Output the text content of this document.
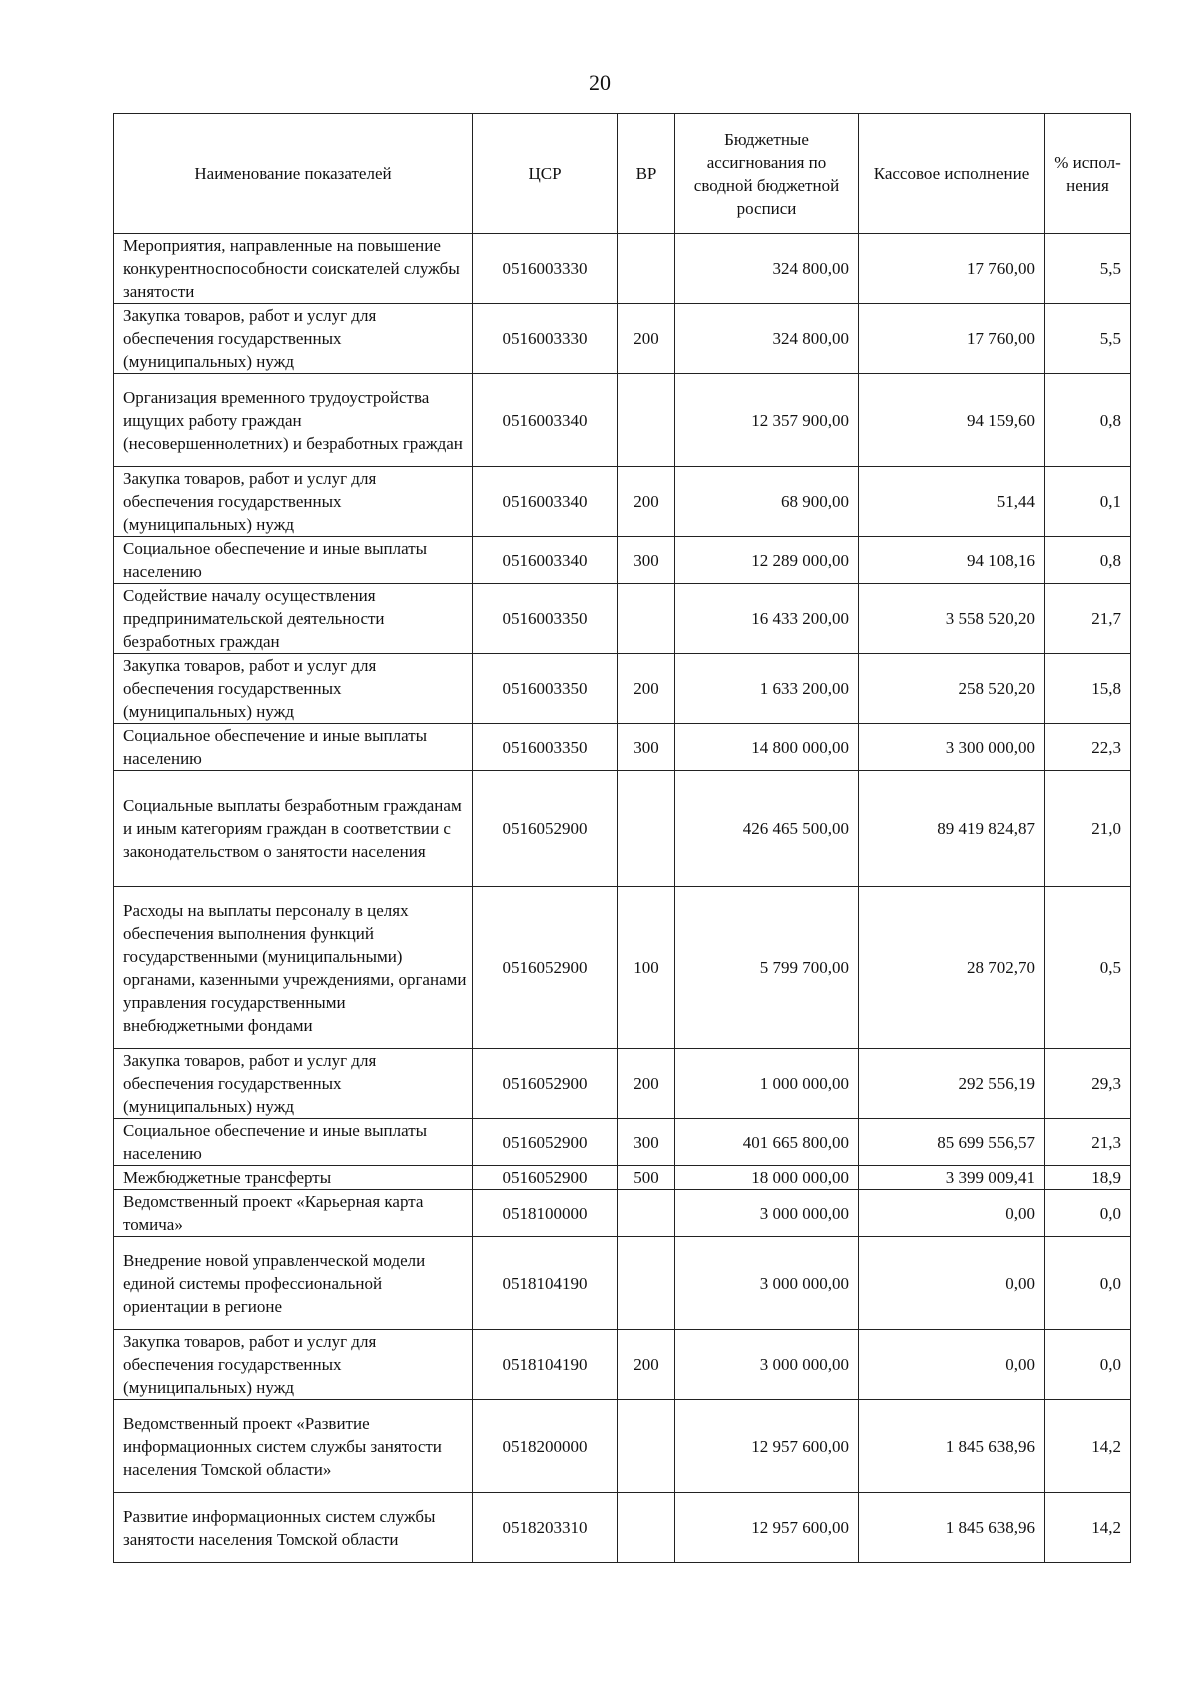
20
Наименование показателей	ЦСР	ВР	Бюджетные ассигнования по сводной бюджетной росписи	Кассовое исполнение	% испол-нения
Мероприятия, направленные на повышение конкурентноспособности соискателей службы занятости	0516003330		324 800,00	17 760,00	5,5
Закупка товаров, работ и услуг для обеспечения государственных (муниципальных) нужд	0516003330	200	324 800,00	17 760,00	5,5
Организация временного трудоустройства ищущих работу граждан (несовершеннолетних) и безработных граждан	0516003340		12 357 900,00	94 159,60	0,8
Закупка товаров, работ и услуг для обеспечения государственных (муниципальных) нужд	0516003340	200	68 900,00	51,44	0,1
Социальное обеспечение и иные выплаты населению	0516003340	300	12 289 000,00	94 108,16	0,8
Содействие началу осуществления предпринимательской деятельности безработных граждан	0516003350		16 433 200,00	3 558 520,20	21,7
Закупка товаров, работ и услуг для обеспечения государственных (муниципальных) нужд	0516003350	200	1 633 200,00	258 520,20	15,8
Социальное обеспечение и иные выплаты населению	0516003350	300	14 800 000,00	3 300 000,00	22,3
Социальные выплаты безработным гражданам и иным категориям граждан в соответствии с законодательством о занятости населения	0516052900		426 465 500,00	89 419 824,87	21,0
Расходы на выплаты персоналу в целях обеспечения выполнения функций государственными (муниципальными) органами, казенными учреждениями, органами управления государственными внебюджетными фондами	0516052900	100	5 799 700,00	28 702,70	0,5
Закупка товаров, работ и услуг для обеспечения государственных (муниципальных) нужд	0516052900	200	1 000 000,00	292 556,19	29,3
Социальное обеспечение и иные выплаты населению	0516052900	300	401 665 800,00	85 699 556,57	21,3
Межбюджетные трансферты	0516052900	500	18 000 000,00	3 399 009,41	18,9
Ведомственный проект «Карьерная карта томича»	0518100000		3 000 000,00	0,00	0,0
Внедрение новой управленческой модели единой системы профессиональной ориентации в регионе	0518104190		3 000 000,00	0,00	0,0
Закупка товаров, работ и услуг для обеспечения государственных (муниципальных) нужд	0518104190	200	3 000 000,00	0,00	0,0
Ведомственный проект «Развитие информационных систем службы занятости населения Томской области»	0518200000		12 957 600,00	1 845 638,96	14,2
Развитие информационных систем службы занятости населения Томской области	0518203310		12 957 600,00	1 845 638,96	14,2
